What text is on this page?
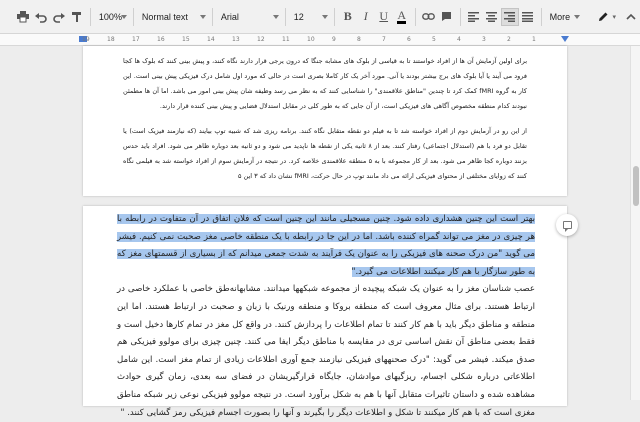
100% Normal text	Arial	12	B I U A	More	▾
19	18	17	16	15	14	13	12	11	10	9	8	7	6	5	4	3	2	1

برای اولین آزمایش آن ها از افراد خواستند تا به قیاسی از بلوک های مشابه جنگا که درون یرجی قرار دارند نگاه کنند، و پیش بینی کنند که بلوک ها کجا فرود می آیند یا آیا بلوک های برج بیشتر بودند یا آنی. مورد آخر یک کار کاملا بصری است در حالی که مورد اول شامل درک فیزیکی پیش بینی است. این کار به گروه fMRI کمک کرد تا چندین "مناطق علاقمندی" را شناسایی کنند که به نظر می رسد وظیفه شان پیش بینی امور می باشد. اما آن ها مطمئن نبودند کدام منطقه مخصوص آگاهی های فیزیکی است، از آن جایی که به طور کلی در مقابل استدلال فضایی و پیش بینی کننده قرار دارند.

از این رو در آزمایش دوم از افراد خواسته شد تا به فیلم دو نقطه متقابل نگاه کنند. برنامه ریزی شد که شبیه توپ بیایند (که نیازمند فیزیک است) یا تقابل دو فرد با هم (استدلال اجتماعی) رفتار کنند. بعد از ۸ ثانیه یکی از نقطه ها ناپدید می شود و دو ثانیه بعد دوباره ظاهر می شود. افراد باید حدس بزنند دوباره کجا ظاهر می شود. بعد از کار مجموعه با به ۵ منطقه علاقمندی خلاصه کرد. در نتیجه در آزمایش سوم از افراد خواسته شد به فیلمی نگاه کنند که زوایای مختلفی از محتوای فیزیکی ارائه می داد مانند توپ در حال حرکت، fMRI نشان داد که ۳ این ۵

بهتر است این چنین هشداری داده شود. چنین مسجیلی مانند این چنین است که فلان اتفاق در آن متفاوت در رابطه با هر چیزی در مغز می تواند گمراه کننده باشد. اما در این جا در رابطه با یک منطقه خاصی مغز صحبت نمی کنیم. فیشر می گوید "من درک صحنه های فیزیکی را به عنوان یک فرآیند به شدت جمعی میدانم که از بسیاری از قسمتهای مغز که به طور سازگار با هم کار میکنند اطلاعات می گیرد."

عصب شناسان مغز را به عنوان یک شبکه پیچیده از مجموعه شبکهها میدانند. مشابهانه‌طق خاصی با عملکرد خاصی در ارتباط هستند. برای مثال معروف است که منطقه بروکا و منطقه ورنیک با زبان و صحبت در ارتباط هستند. اما این منطقه و مناطق دیگر باید با هم کار کنند تا تمام اطلاعات را پردازش کنند. در واقع کل مغز در تمام کارها دخیل است و فقط بعضی مناطق آن نقش اساسی تری در مقایسه با مناطق دیگر ایفا می کنند. چنین چیزی برای مولوو فیزیکی هم صدق میکند. فیشر می گوید: "درک صحنههای فیزیکی نیازمند جمع آوری اطلاعات زیادی از تمام مغز است. این شامل اطلاعاتی درباره شکلی اجسام، ریزگیهای موادشان، جایگاه قرارگیریشان در فضای سه بعدی، زمان گیری حوادث مشاهده شده و داستان تاثیرات متقابل آنها با هم به شکل برآورد است. در نتیجه مولوو فیزیکی نوعی زیر شبکه مناطق مغزی است که با هم کار میکنند تا شکل و اطلاعات دیگر را بگیرند و آنها را بصورت اجسام فیزیکی رمز گشایی کنند. "
